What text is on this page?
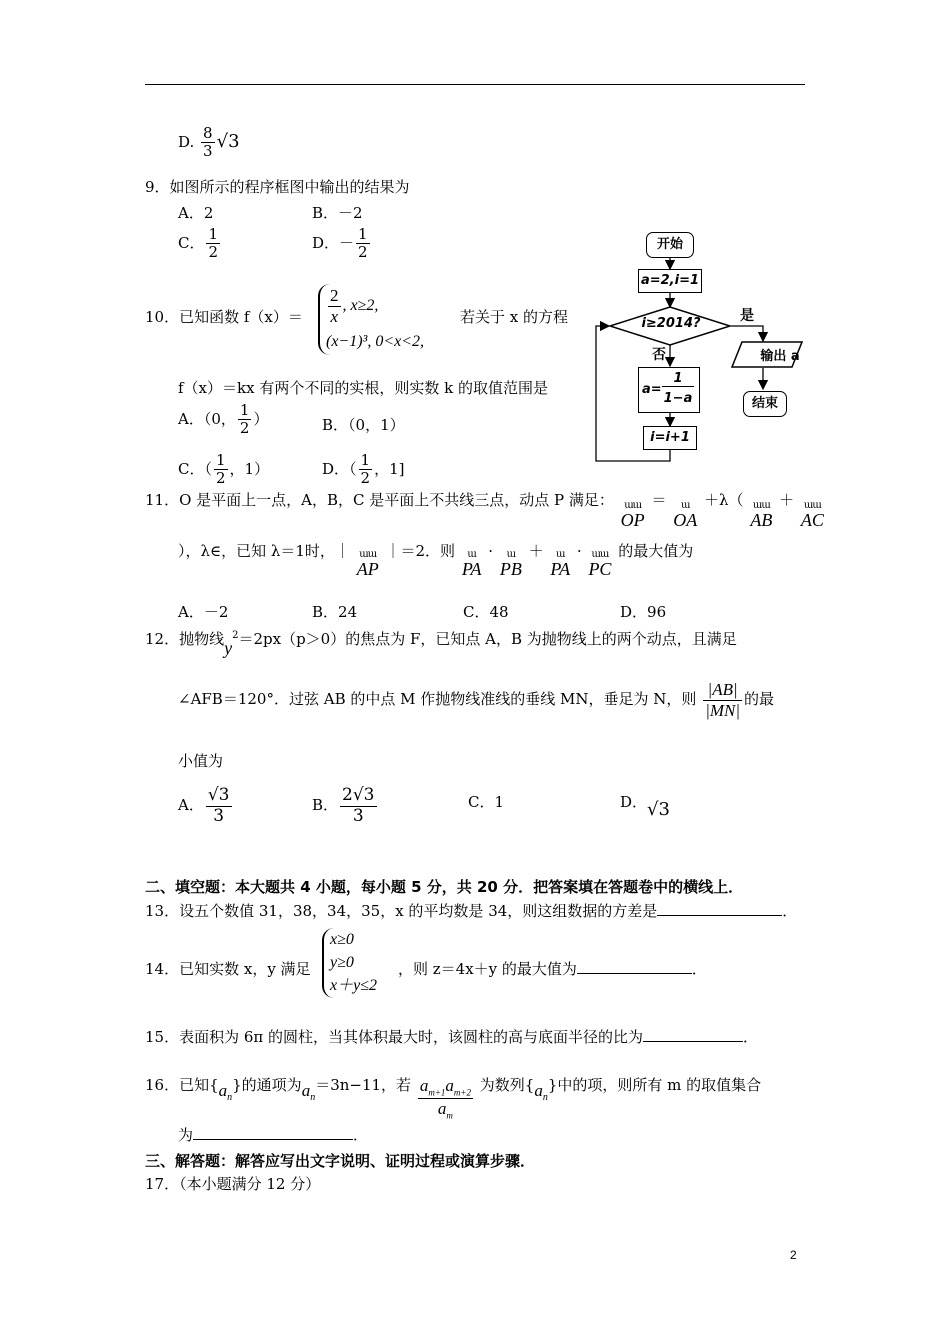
D. $\frac{8}{3} √3$
9．如图所示的程序框图中输出的结果为
A．2	B．－2
C． $\frac{1}{2}$	D．－ $\frac{1}{2}$
10．已知函数 $f(x)= \frac{2}{x}$ , x≥2,
(x−1)³, 0<x<2,
若关于 x 的方程
f（x）＝kx 有两个不同的实根，则实数 k 的取值范围是
A．（0， $\frac{1}{2}$ ）	B．（0，1）
C．（ $\frac{1}{2}$ ，1）	D．（ $\frac{1}{2}$ ，1]
开始
a=2,i=1
i≥2014?	是
否
a=
1
1−a
i=i+1
输出 a
结束
11．O 是平面上一点，A，B，C 是平面上不共线三点，动点 P 满足：	ɯɯ
OP
＝	ɯ
OA
＋λ（ ɯɯ
AB
＋ ɯɯ
AC
），λ∈，已知 λ＝1时，｜ ɯɯ
AP
｜＝2．则	ɯ
PA
·	ɯ
PB
＋	ɯ
PA
· ɯɯ
PC
的最大值为
A．－2	B．24	C．48	D．96
12．抛物线$y^2=2px(p>0)$的焦点为 F，已知点 A，B 为抛物线上的两个动点，且满足
∠AFB＝120°．过弦 AB 的中点 M 作抛物线准线的垂线 MN，垂足为 N，则 $\frac{|AB|}{|MN|}$ 的最
小值为
A． $\frac{√3}{3}$	B． $\frac{2√3}{3}$	C．1	D．√3
二、填空题：本大题共 4 小题，每小题 5 分，共 20 分．把答案填在答题卷中的横线上．
13．设五个数值 31，38，34，35，x 的平均数是 34，则这组数据的方差是	．
14．已知实数 x，y 满足
x≥0
y≥0
x＋y≤2
，则 z＝4x＋y 的最大值为	．
15．表面积为 6π 的圆柱，当其体积最大时，该圆柱的高与底面半径的比为	．
16．已知$\{a_n\}$的通项为$a_n=3n-11$，若 $\frac{a_{m+1}a_{m+2}}{a_m}$ 为数列$\{a_n\}$中的项，则所有 m 的取值集合
为	．
三、解答题：解答应写出文字说明、证明过程或演算步骤．
17．（本小题满分 12 分）
2
